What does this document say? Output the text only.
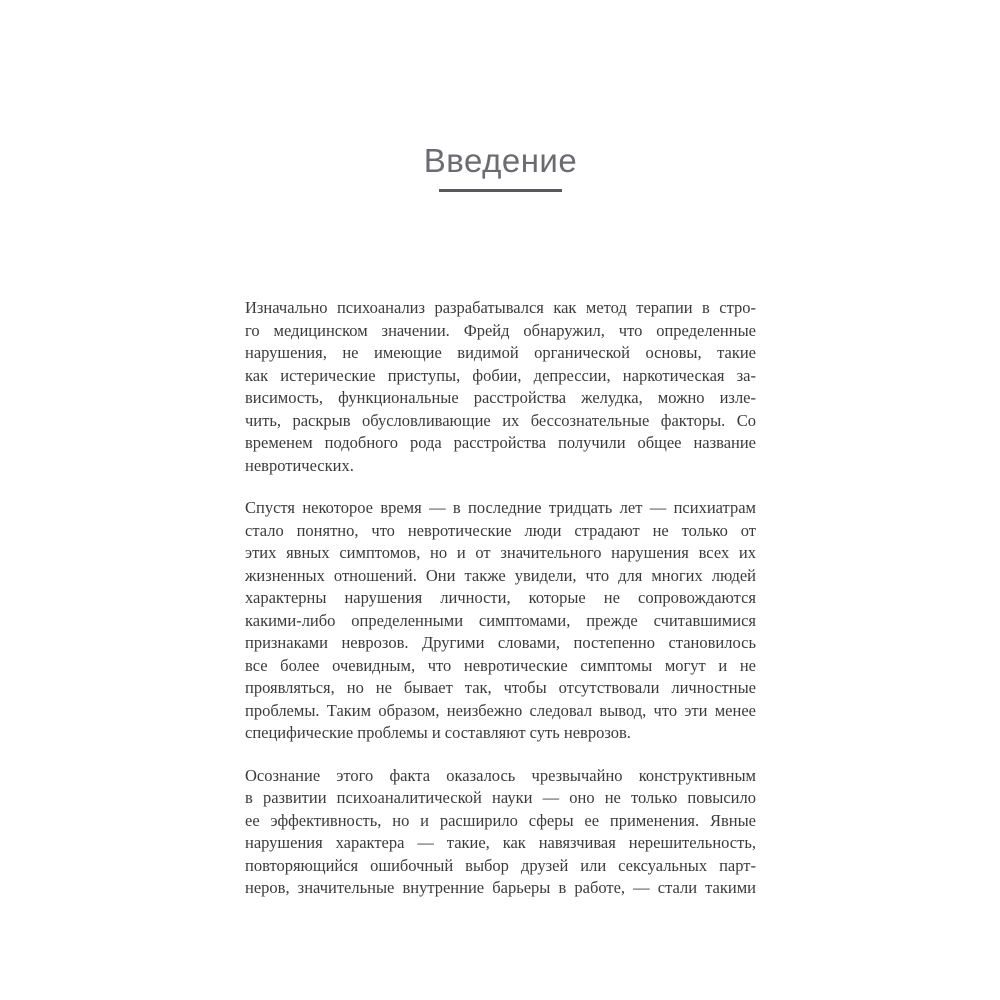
Введение
Изначально психоанализ разрабатывался как метод терапии в стро-
го медицинском значении. Фрейд обнаружил, что определенные
нарушения, не имеющие видимой органической основы, такие
как истерические приступы, фобии, депрессии, наркотическая за-
висимость, функциональные расстройства желудка, можно изле-
чить, раскрыв обусловливающие их бессознательные факторы. Со
временем подобного рода расстройства получили общее название
невротических.
Спустя некоторое время — в последние тридцать лет — психиатрам
стало понятно, что невротические люди страдают не только от
этих явных симптомов, но и от значительного нарушения всех их
жизненных отношений. Они также увидели, что для многих людей
характерны нарушения личности, которые не сопровождаются
какими-либо определенными симптомами, прежде считавшимися
признаками неврозов. Другими словами, постепенно становилось
все более очевидным, что невротические симптомы могут и не
проявляться, но не бывает так, чтобы отсутствовали личностные
проблемы. Таким образом, неизбежно следовал вывод, что эти менее
специфические проблемы и составляют суть неврозов.
Осознание этого факта оказалось чрезвычайно конструктивным
в развитии психоаналитической науки — оно не только повысило
ее эффективность, но и расширило сферы ее применения. Явные
нарушения характера — такие, как навязчивая нерешительность,
повторяющийся ошибочный выбор друзей или сексуальных парт-
неров, значительные внутренние барьеры в работе, — стали такими
